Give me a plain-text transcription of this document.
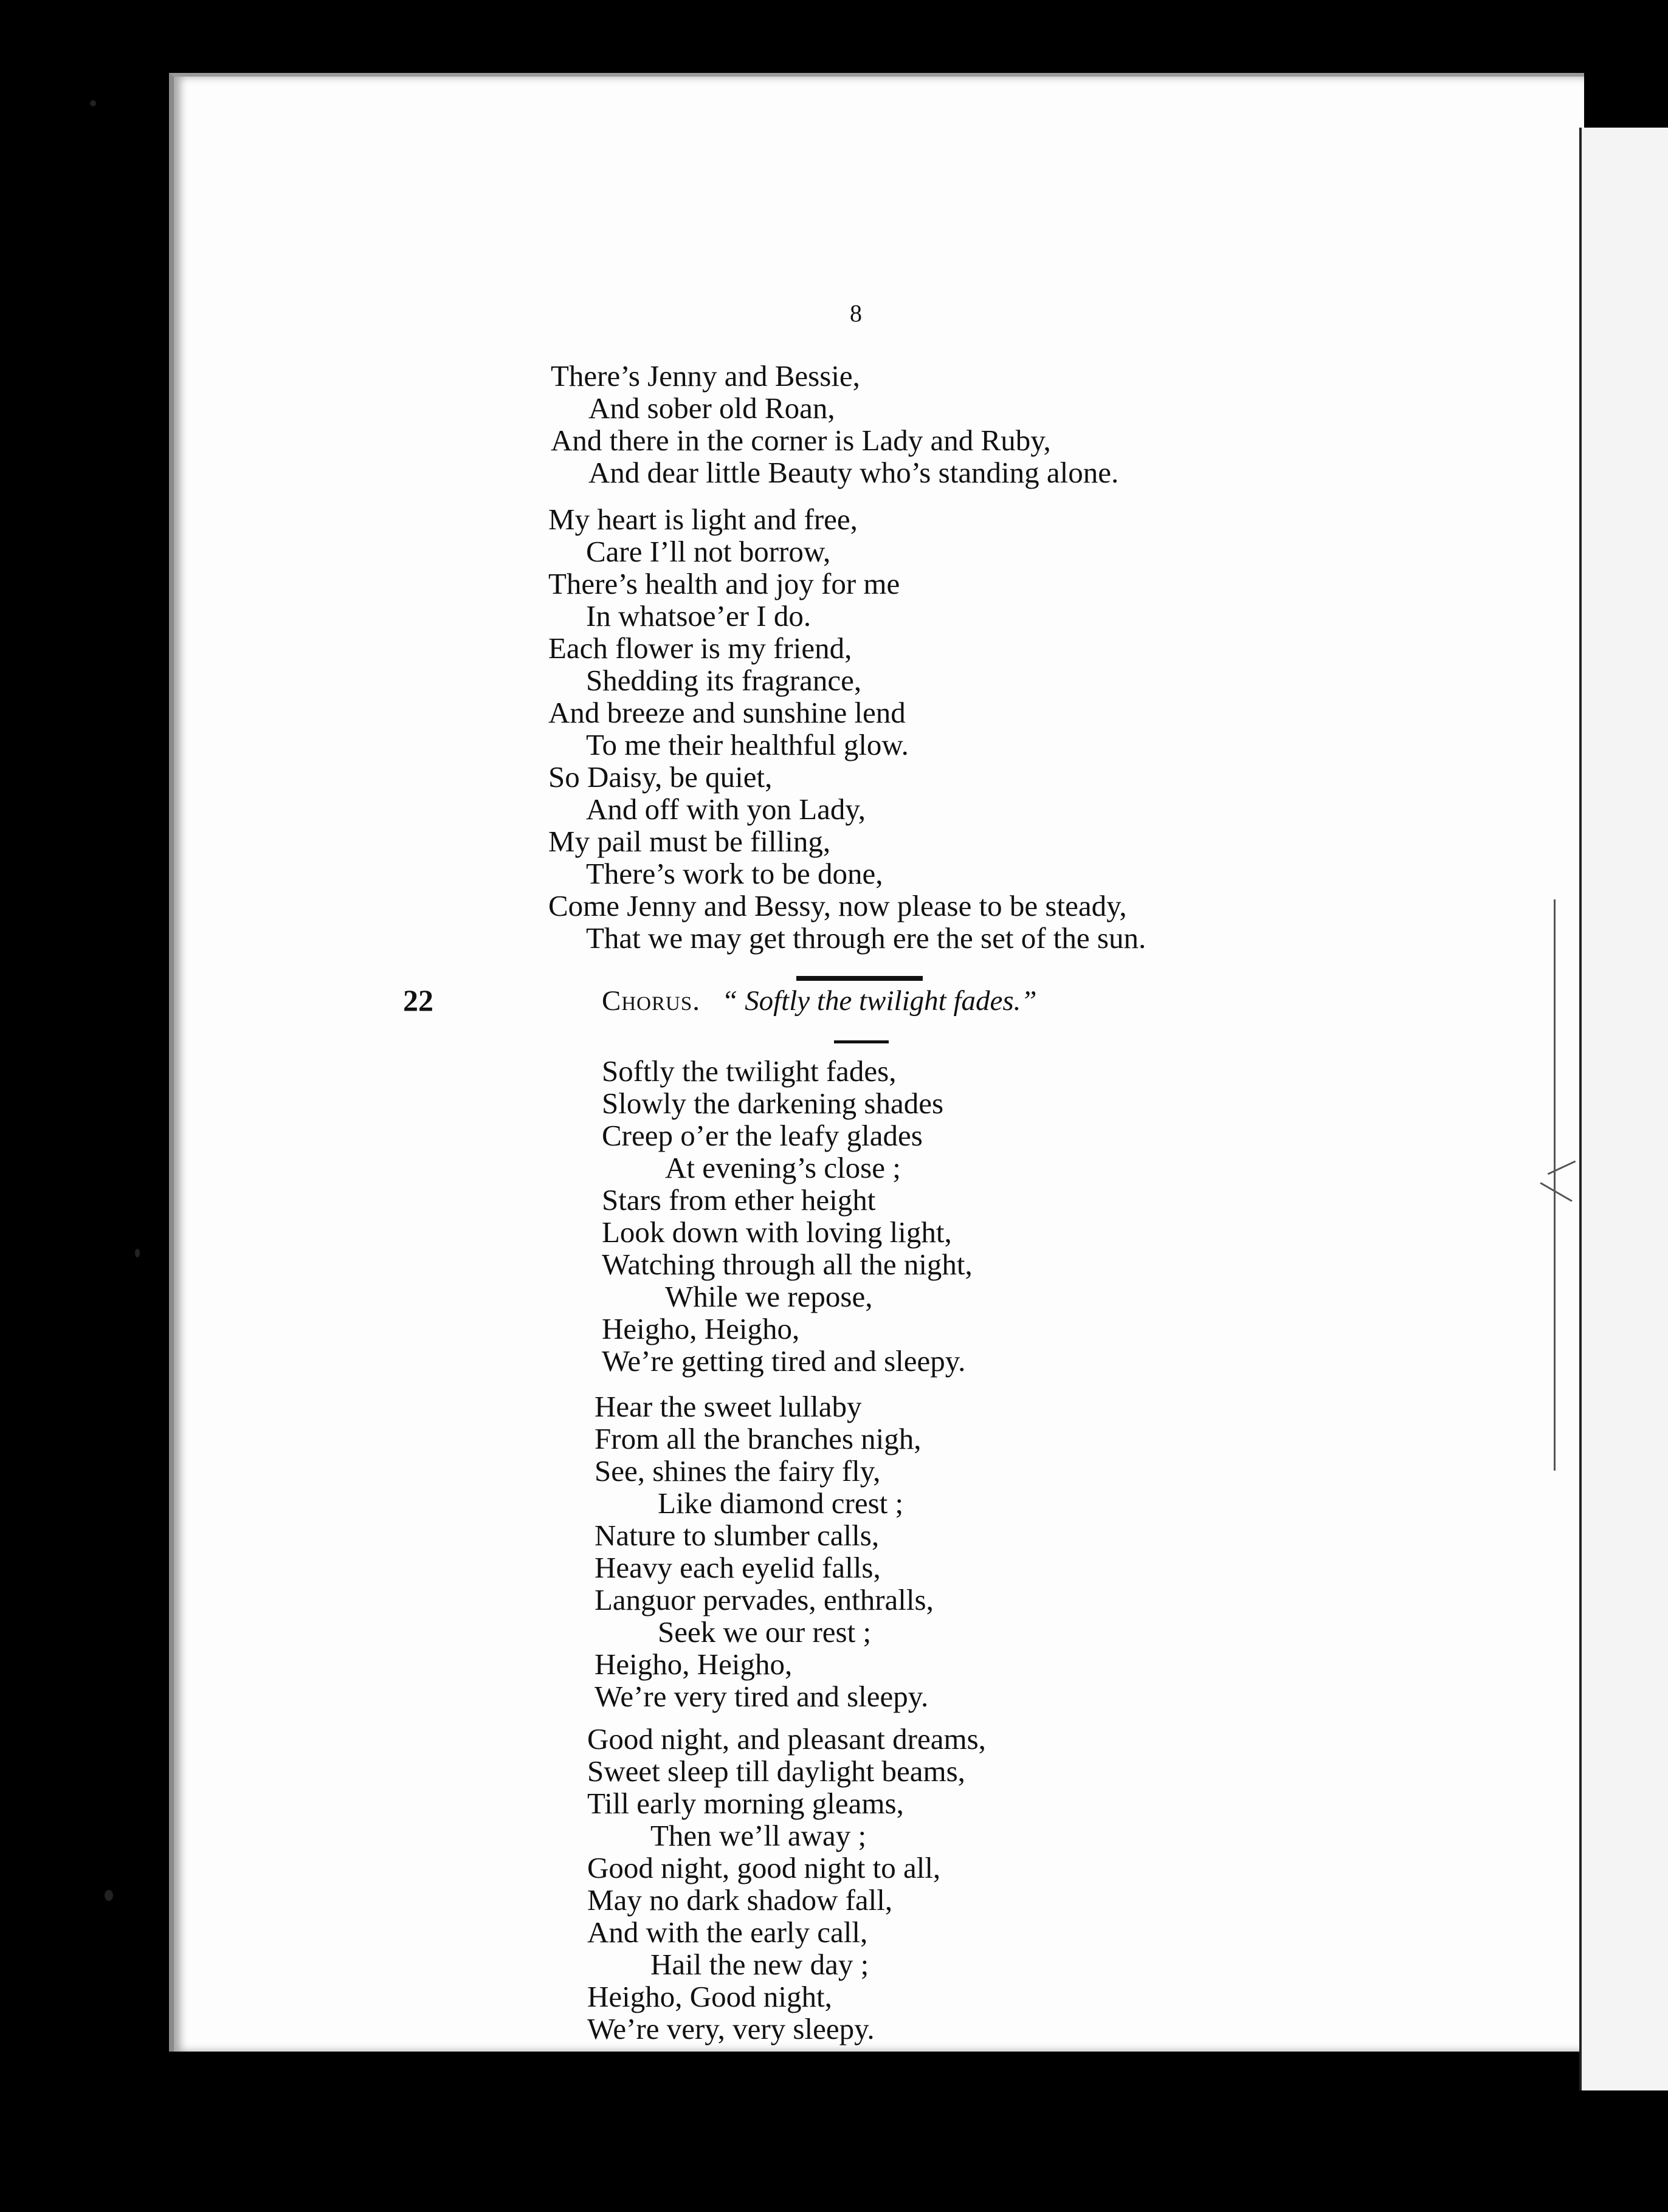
8
There’s Jenny and Bessie,
And sober old Roan,
And there in the corner is Lady and Ruby,
And dear little Beauty who’s standing alone.
My heart is light and free,
Care I’ll not borrow,
There’s health and joy for me
In whatsoe’er I do.
Each flower is my friend,
Shedding its fragrance,
And breeze and sunshine lend
To me their healthful glow.
So Daisy, be quiet,
And off with yon Lady,
My pail must be filling,
There’s work to be done,
Come Jenny and Bessy, now please to be steady,
That we may get through ere the set of the sun.
22	Chorus. “ Softly the twilight fades.”
Softly the twilight fades,
Slowly the darkening shades
Creep o’er the leafy glades
At evening’s close ;
Stars from ether height
Look down with loving light,
Watching through all the night,
While we repose,
Heigho, Heigho,
We’re getting tired and sleepy.
Hear the sweet lullaby
From all the branches nigh,
See, shines the fairy fly,
Like diamond crest ;
Nature to slumber calls,
Heavy each eyelid falls,
Languor pervades, enthralls,
Seek we our rest ;
Heigho, Heigho,
We’re very tired and sleepy.
Good night, and pleasant dreams,
Sweet sleep till daylight beams,
Till early morning gleams,
Then we’ll away ;
Good night, good night to all,
May no dark shadow fall,
And with the early call,
Hail the new day ;
Heigho, Good night,
We’re very, very sleepy.
